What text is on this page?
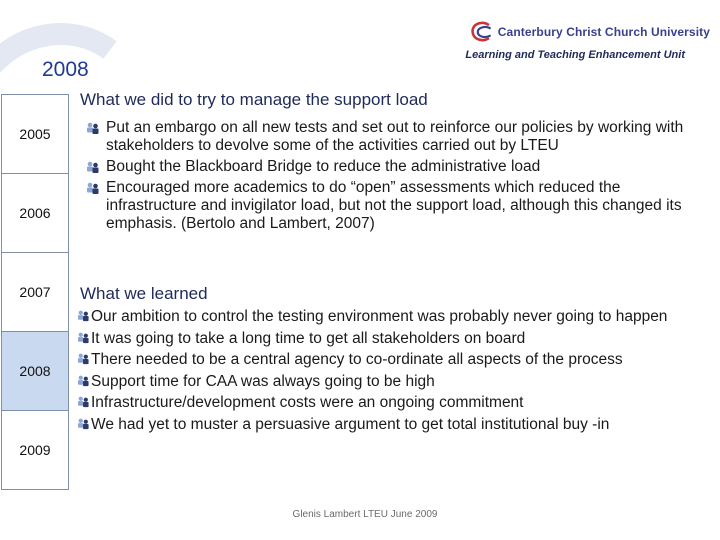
Canterbury Christ Church University
Learning and Teaching Enhancement Unit
2008
2005
2006
2007
2008
2009
What we did to try to manage the support load
Put an embargo on all new tests and set out to reinforce our policies by working with stakeholders to devolve some of the activities carried out by LTEU
Bought the Blackboard Bridge to reduce the administrative load
Encouraged more academics to do “open” assessments which reduced the infrastructure and invigilator load, but not the support load, although this changed its emphasis. (Bertolo and Lambert, 2007)
What we learned
Our ambition to control the testing environment was probably never going to happen
It was going to take a long time to get all stakeholders on board
There needed to be a central agency to co-ordinate all aspects of the process
Support time for CAA was always going to be high
Infrastructure/development costs were an ongoing commitment
We had yet to muster a persuasive argument to get total institutional buy -in
Glenis Lambert LTEU June 2009
